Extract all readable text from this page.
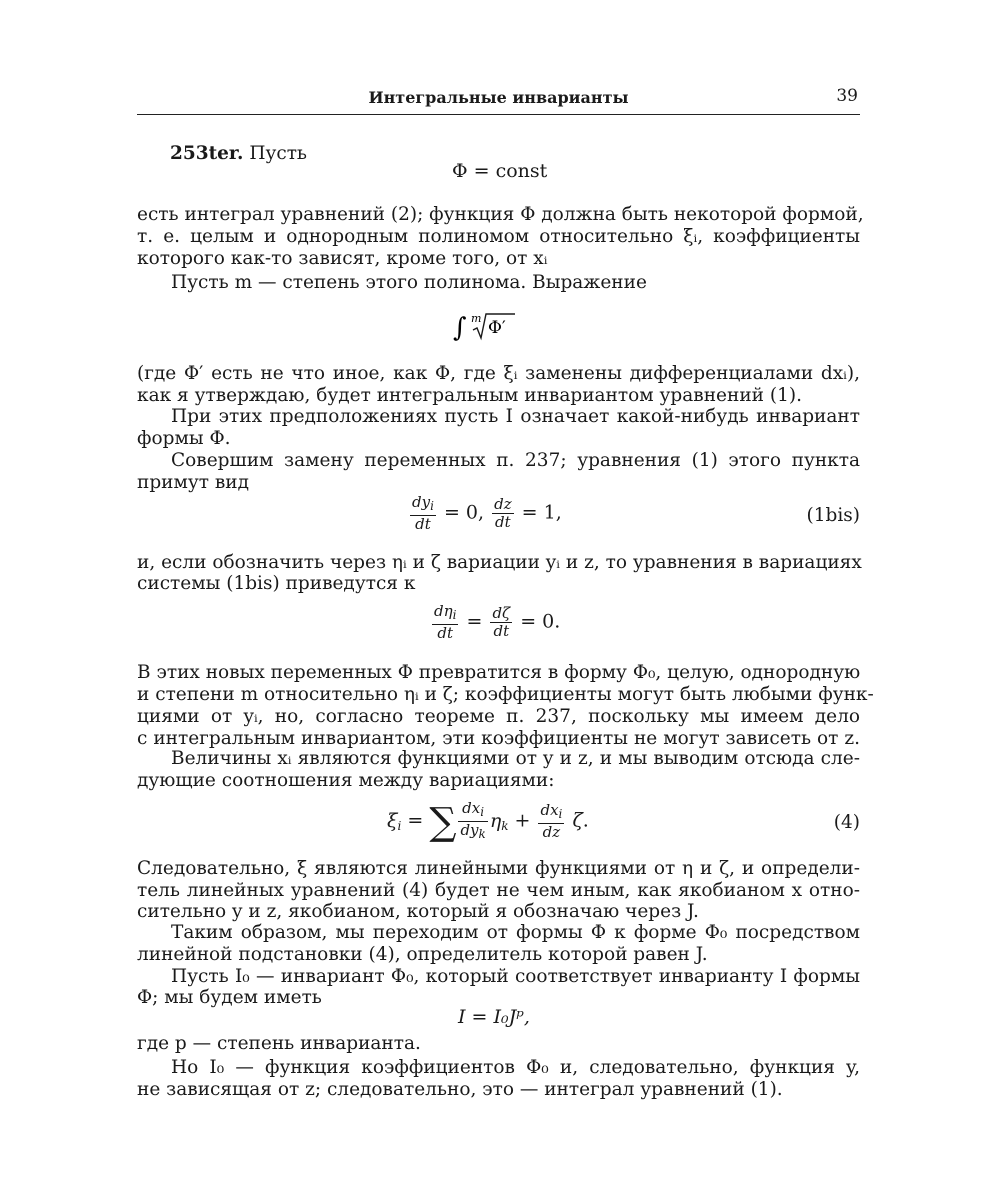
Интегральные инварианты	39
253ter. Пусть
Φ = const
есть интеграл уравнений (2); функция Φ должна быть некоторой формой,
т. е. целым и однородным полиномом относительно ξᵢ, коэффициенты
которого как-то зависят, кроме того, от xᵢ
Пусть m — степень этого полинома. Выражение
∫ m Φ′
(где Φ′ есть не что иное, как Φ, где ξᵢ заменены дифференциалами dxᵢ),
как я утверждаю, будет интегральным инвариантом уравнений (1).
При этих предположениях пусть I означает какой-нибудь инвариант
формы Φ.
Совершим замену переменных п. 237; уравнения (1) этого пункта
примут вид
$\frac{dy_i}{dt} = 0$, $\frac{dz}{dt} = 1$,	(1bis)
и, если обозначить через ηᵢ и ζ вариации yᵢ и z, то уравнения в вариациях
системы (1bis) приведутся к
$\frac{d\eta_i}{dt} = \frac{d\zeta}{dt} = 0$.
В этих новых переменных Φ превратится в форму Φ₀, целую, однородную
и степени m относительно ηᵢ и ζ; коэффициенты могут быть любыми функ-
циями от yᵢ, но, согласно теореме п. 237, поскольку мы имеем дело
с интегральным инвариантом, эти коэффициенты не могут зависеть от z.
Величины xᵢ являются функциями от y и z, и мы выводим отсюда сле-
дующие соотношения между вариациями:
$\xi_i$ = ∑ $\frac{dx_i}{dy_k} \eta_k + \frac{dx_i}{dz} \zeta$.	(4)
Следовательно, ξ являются линейными функциями от η и ζ, и определи-
тель линейных уравнений (4) будет не чем иным, как якобианом x отно-
сительно y и z, якобианом, который я обозначаю через J.
Таким образом, мы переходим от формы Φ к форме Φ₀ посредством
линейной подстановки (4), определитель которой равен J.
Пусть I₀ — инвариант Φ₀, который соответствует инварианту I формы
Φ; мы будем иметь
I = I₀Jᵖ,
где p — степень инварианта.
Но I₀ — функция коэффициентов Φ₀ и, следовательно, функция y,
не зависящая от z; следовательно, это — интеграл уравнений (1).
